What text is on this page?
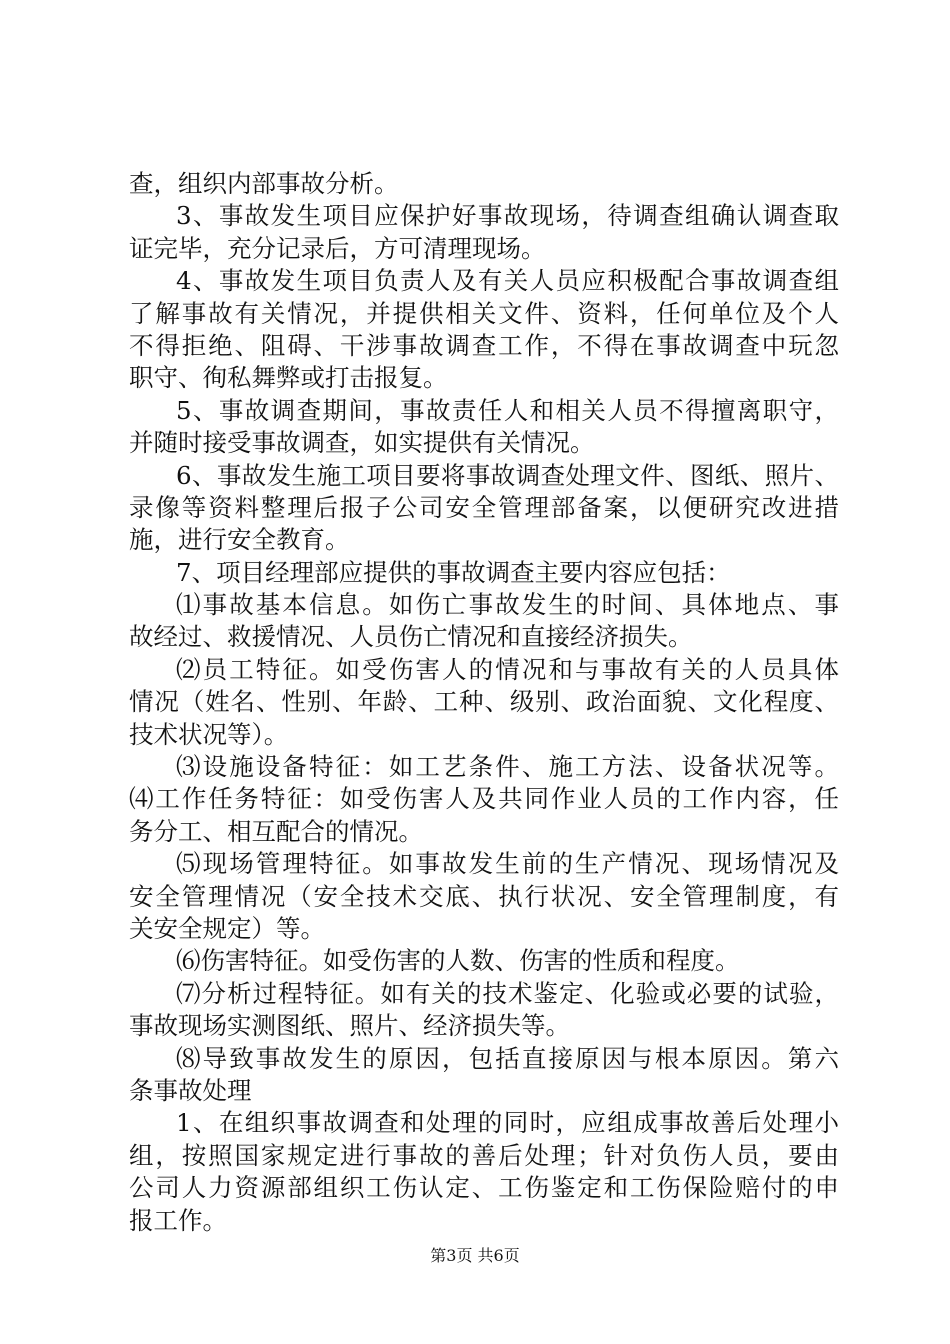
查，组织内部事故分析。
3、事故发生项目应保护好事故现场，待调查组确认调查取
证完毕，充分记录后，方可清理现场。
4、事故发生项目负责人及有关人员应积极配合事故调查组
了解事故有关情况，并提供相关文件、资料，任何单位及个人
不得拒绝、阻碍、干涉事故调查工作，不得在事故调查中玩忽
职守、徇私舞弊或打击报复。
5、事故调查期间，事故责任人和相关人员不得擅离职守，
并随时接受事故调查，如实提供有关情况。
6、事故发生施工项目要将事故调查处理文件、图纸、照片、
录像等资料整理后报子公司安全管理部备案，以便研究改进措
施，进行安全教育。
7、项目经理部应提供的事故调查主要内容应包括：
⑴事故基本信息。如伤亡事故发生的时间、具体地点、事
故经过、救援情况、人员伤亡情况和直接经济损失。
⑵员工特征。如受伤害人的情况和与事故有关的人员具体
情况（姓名、性别、年龄、工种、级别、政治面貌、文化程度、
技术状况等）。
⑶设施设备特征：如工艺条件、施工方法、设备状况等。
⑷工作任务特征：如受伤害人及共同作业人员的工作内容，任
务分工、相互配合的情况。
⑸现场管理特征。如事故发生前的生产情况、现场情况及
安全管理情况（安全技术交底、执行状况、安全管理制度，有
关安全规定）等。
⑹伤害特征。如受伤害的人数、伤害的性质和程度。
⑺分析过程特征。如有关的技术鉴定、化验或必要的试验，
事故现场实测图纸、照片、经济损失等。
⑻导致事故发生的原因，包括直接原因与根本原因。第六
条事故处理
1、在组织事故调查和处理的同时，应组成事故善后处理小
组，按照国家规定进行事故的善后处理；针对负伤人员，要由
公司人力资源部组织工伤认定、工伤鉴定和工伤保险赔付的申
报工作。
第3页 共6页
